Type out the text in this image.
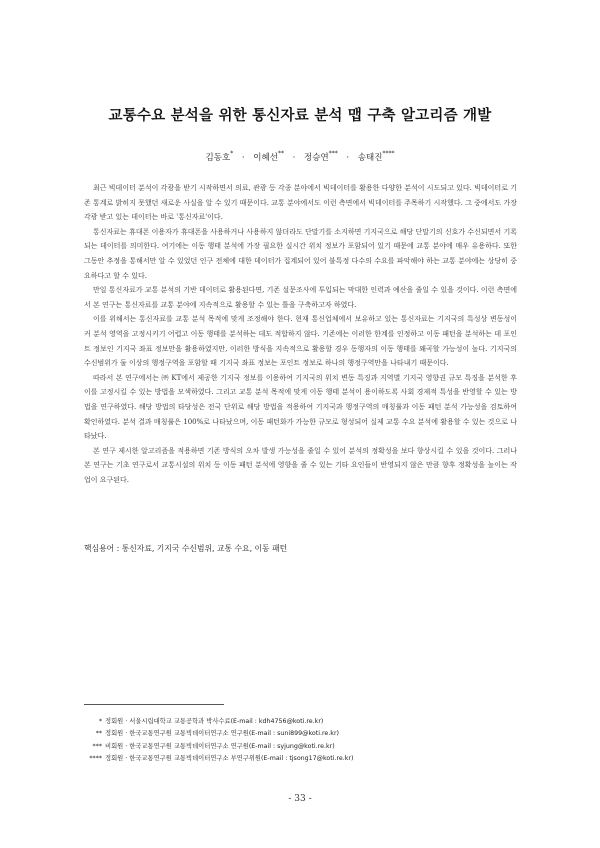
교통수요 분석을 위한 통신자료 분석 맵 구축 알고리즘 개발
김동호* · 이혜선** · 정승연*** · 송태진****

최근 빅데이터 분석이 각광을 받기 시작하면서 의료, 관광 등 각종 분야에서 빅데이터를 활용한 다양한 분석이 시도되고 있다. 빅데이터로 기존 통계로 밝히지 못했던 새로운 사실을 알 수 있기 때문이다. 교통 분야에서도 이런 측면에서 빅데이터를 주목하기 시작했다. 그 중에서도 가장 각광 받고 있는 데이터는 바로 '통신자료'이다.

통신자료는 휴대폰 이용자가 휴대폰을 사용하거나 사용하지 않더라도 단말기를 소지하면 기지국으로 해당 단말기의 신호가 수신되면서 기록되는 데이터를 의미한다. 여기에는 이동 행태 분석에 가장 필요한 실시간 위치 정보가 포함되어 있기 때문에 교통 분야에 매우 유용하다. 또한 그동안 추정을 통해서만 알 수 있었던 인구 전체에 대한 데이터가 집계되어 있어 불특정 다수의 수요를 파악해야 하는 교통 분야에는 상당히 중요하다고 할 수 있다.

만일 통신자료가 교통 분석의 기반 데이터로 활용된다면, 기존 설문조사에 투입되는 막대한 인력과 예산을 줄일 수 있을 것이다. 이런 측면에서 본 연구는 통신자료를 교통 분야에 지속적으로 활용할 수 있는 틀을 구축하고자 하였다.

이를 위해서는 통신자료를 교통 분석 목적에 맞게 조정해야 한다. 현재 통신업체에서 보유하고 있는 통신자료는 기지국의 특성상 변동성이 커 분석 영역을 고정시키기 어렵고 이동 행태를 분석하는 데도 적합하지 않다. 기존에는 이러한 한계를 인정하고 이동 패턴을 분석하는 데 포인트 정보인 기지국 좌표 정보만을 활용하였지만, 이러한 방식을 지속적으로 활용할 경우 동행자의 이동 행태를 왜곡할 가능성이 높다. 기지국의 수신범위가 둘 이상의 행정구역을 포함할 때 기지국 좌표 정보는 포인트 정보로 하나의 행정구역만을 나타내기 때문이다.

따라서 본 연구에서는 ㈜ KT에서 제공한 기지국 정보를 이용하여 기지국의 위치 변동 특징과 지역별 기지국 영향권 규모 특징을 분석한 후 이를 고정시킬 수 있는 방법을 모색하였다. 그리고 교통 분석 목적에 맞게 이동 행태 분석이 용이하도록 사회 경제적 특성을 반영할 수 있는 방법을 연구하였다. 해당 방법의 타당성은 전국 단위로 해당 방법을 적용하여 기지국과 행정구역의 매칭률과 이동 패턴 분석 가능성을 검토하여 확인하였다. 분석 결과 매칭률은 100%로 나타났으며, 이동 패턴화가 가능한 규모로 형성되어 실제 교통 수요 분석에 활용할 수 있는 것으로 나타났다.

본 연구 제시한 알고리즘을 적용하면 기존 방식의 오차 발생 가능성을 줄일 수 있어 분석의 정확성을 보다 향상시킬 수 있을 것이다. 그러나 본 연구는 기초 연구로서 교통시설의 위치 등 이동 패턴 분석에 영향을 줄 수 있는 기타 요인들이 반영되지 않은 만큼 향후 정확성을 높이는 작업이 요구된다.

핵심용어 : 통신자료, 기지국 수신범위, 교통 수요, 이동 패턴
* 정회원 · 서울시립대학교 교통공학과 박사수료(E-mail : kdh4756@koti.re.kr)
** 정회원 · 한국교통연구원 교통빅데이터연구소 연구원(E-mail : suni899@koti.re.kr)
*** 비회원 · 한국교통연구원 교통빅데이터연구소 연구원(E-mail : syjung@koti.re.kr)
**** 정회원 · 한국교통연구원 교통빅데이터연구소 부연구위원(E-mail : tjsong17@koti.re.kr)
- 33 -
